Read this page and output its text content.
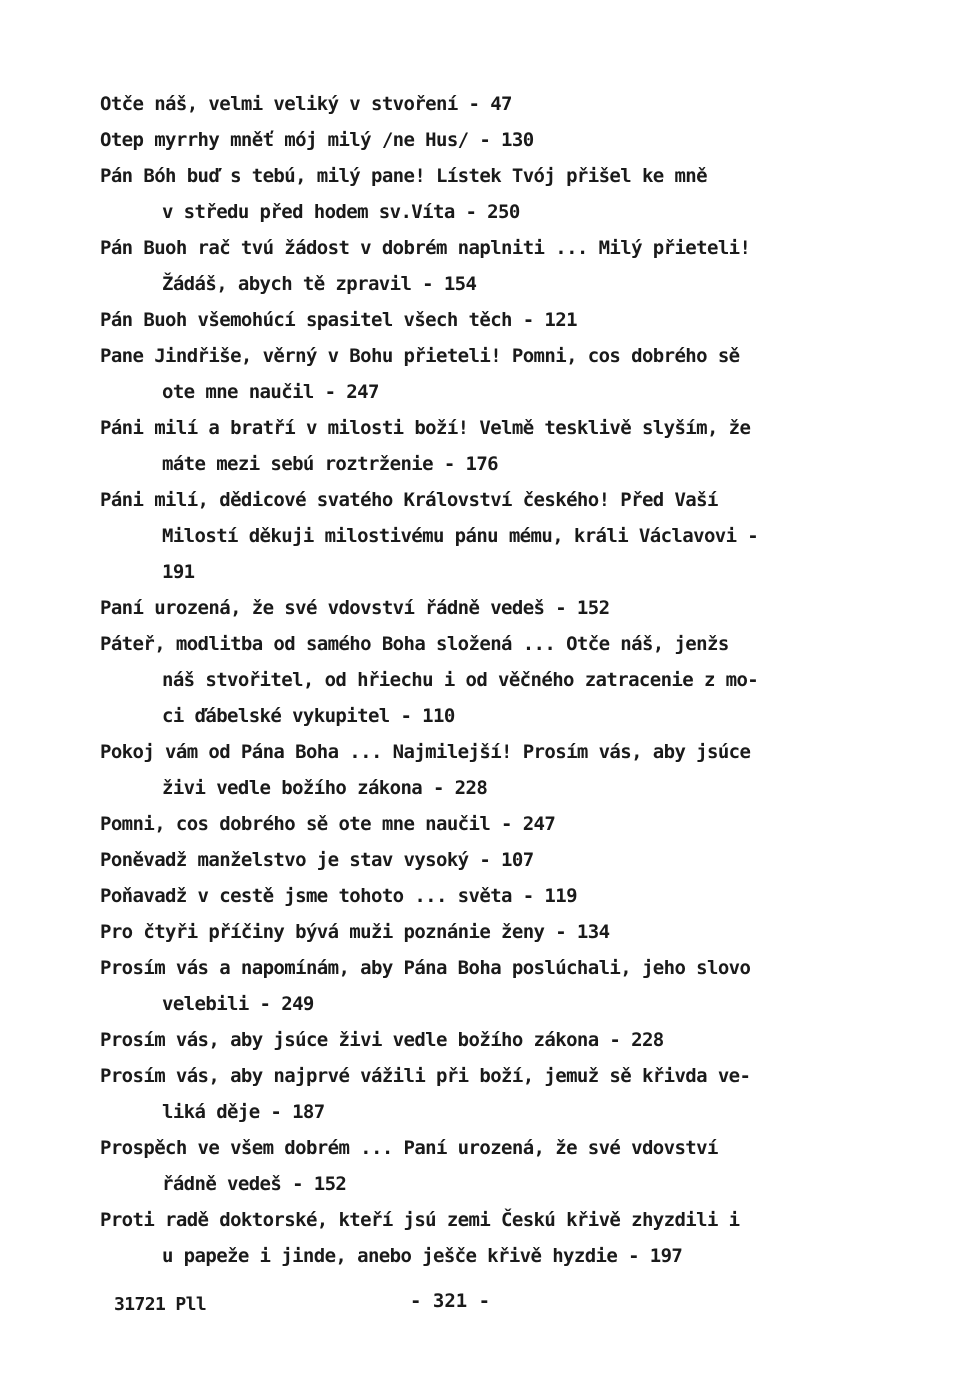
Otče náš, velmi veliký v stvoření - 47
Otep myrrhy mněť mój milý /ne Hus/ - 130
Pán Bóh buď s tebú, milý pane! Lístek Tvój přišel ke mně
v středu před hodem sv.Víta - 250
Pán Buoh rač tvú žádost v dobrém naplniti ... Milý přieteli!
Žádáš, abych tě zpravil - 154
Pán Buoh všemohúcí spasitel všech těch - 121
Pane Jindřiše, věrný v Bohu přieteli! Pomni, cos dobrého sě
ote mne naučil - 247
Páni milí a bratří v milosti boží! Velmě tesklivě slyším, že
máte mezi sebú roztrženie - 176
Páni milí, dědicové svatého Království českého! Před Vaší
Milostí děkuji milostivému pánu mému, králi Václavovi -
191
Paní urozená, že své vdovství řádně vedeš - 152
Páteř, modlitba od samého Boha složená ... Otče náš, jenžs
náš stvořitel, od hřiechu i od věčného zatracenie z mo-
ci ďábelské vykupitel - 110
Pokoj vám od Pána Boha ... Najmilejší! Prosím vás, aby jsúce
živi vedle božího zákona - 228
Pomni, cos dobrého sě ote mne naučil - 247
Poněvadž manželstvo je stav vysoký - 107
Poňavadž v cestě jsme tohoto ... světa - 119
Pro čtyři příčiny bývá muži poznánie ženy - 134
Prosím vás a napomínám, aby Pána Boha poslúchali, jeho slovo
velebili - 249
Prosím vás, aby jsúce živi vedle božího zákona - 228
Prosím vás, aby najprvé vážili při boží, jemuž sě křivda ve-
liká děje - 187
Prospěch ve všem dobrém ... Paní urozená, že své vdovství
řádně vedeš - 152
Proti radě doktorské, kteří jsú zemi Českú křivě zhyzdili i
u papeže i jinde, anebo ješče křivě hyzdie - 197
31721 Pll	- 321 -
